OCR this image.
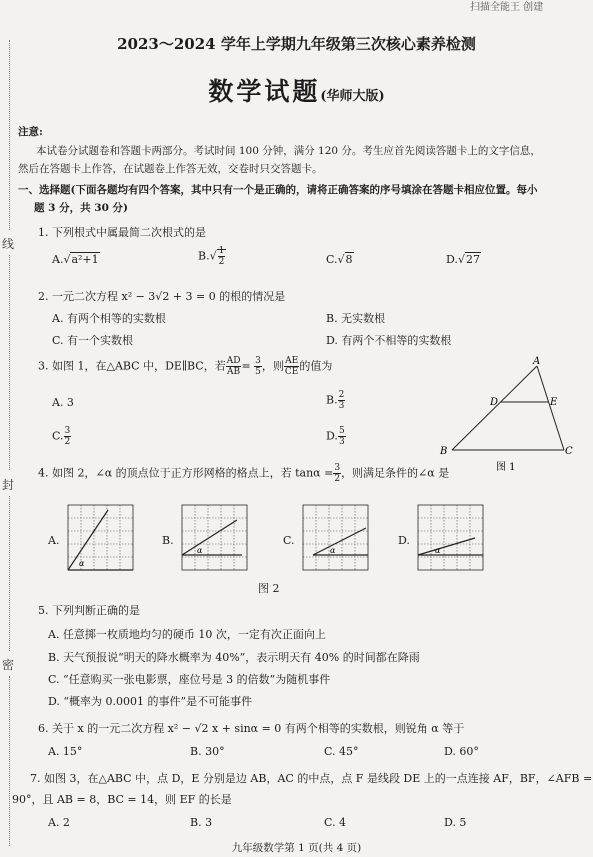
扫描全能王 创建
线
封
密
2023～2024 学年上学期九年级第三次核心素养检测
数学试题(华师大版)
注意:
本试卷分试题卷和答题卡两部分。考试时间 100 分钟，满分 120 分。考生应首先阅读答题卡上的文字信息，
然后在答题卡上作答，在试题卷上作答无效，交卷时只交答题卡。
一、选择题(下面各题均有四个答案，其中只有一个是正确的，请将正确答案的序号填涂在答题卡相应位置。每小
题 3 分，共 30 分)
1. 下列根式中属最简二次根式的是
A.√a²+1	$B.√ \frac{1}{2}$	C.√8	D.√27
2. 一元二次方程 x² − 3√2 + 3 = 0 的根的情况是
A. 有两个相等的实数根	B. 无实数根
C. 有一个实数根	D. 有两个不相等的实数根
3. 如图 1，在△ABC 中，DE∥BC，若 $\frac{AD}{AB} = \frac{3}{5}$ ，则 $\frac{AE}{CE}$ 的值为
A. 3	B. $\frac{2}{3}$
C. $\frac{3}{2}$	D. $\frac{5}{3}$
A
D	E
B	C
图 1
4. 如图 2，∠α 的顶点位于正方形网格的格点上，若 $\tan\alpha = \frac{3}{2}$ ，则满足条件的∠α 是
A.
α
B.
α
C.
α
D.
α
图 2
5. 下列判断正确的是
A. 任意掷一枚质地均匀的硬币 10 次，一定有次正面向上
B. 天气预报说“明天的降水概率为 40%”，表示明天有 40% 的时间都在降雨
C. “任意购买一张电影票，座位号是 3 的倍数”为随机事件
D. “概率为 0.0001 的事件”是不可能事件
6. 关于 x 的一元二次方程 x² − √2 x + sinα = 0 有两个相等的实数根，则锐角 α 等于
A. 15°	B. 30°	C. 45°	D. 60°
7. 如图 3，在△ABC 中，点 D，E 分别是边 AB，AC 的中点，点 F 是线段 DE 上的一点连接 AF，BF，∠AFB =
90°，且 AB = 8，BC = 14，则 EF 的长是
A. 2	B. 3	C. 4	D. 5
九年级数学第 1 页(共 4 页)
